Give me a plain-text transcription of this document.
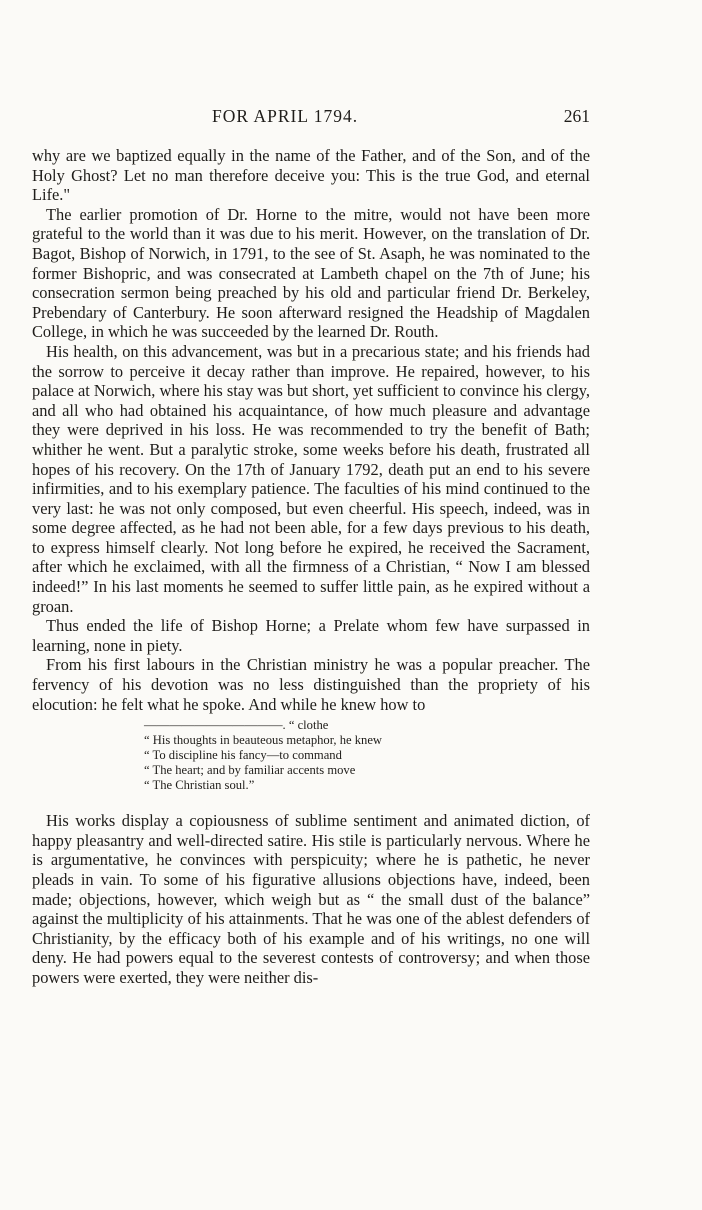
FOR APRIL 1794.	261

why are we baptized equally in the name of the Father, and of the Son, and of the Holy Ghost? Let no man therefore deceive you: This is the true God, and eternal Life."

The earlier promotion of Dr. Horne to the mitre, would not have been more grateful to the world than it was due to his merit. However, on the translation of Dr. Bagot, Bishop of Norwich, in 1791, to the see of St. Asaph, he was nominated to the former Bishopric, and was consecrated at Lambeth chapel on the 7th of June; his consecration sermon being preached by his old and particular friend Dr. Berkeley, Prebendary of Canterbury. He soon afterward resigned the Headship of Magdalen College, in which he was succeeded by the learned Dr. Routh.

His health, on this advancement, was but in a precarious state; and his friends had the sorrow to perceive it decay rather than improve. He repaired, however, to his palace at Norwich, where his stay was but short, yet sufficient to convince his clergy, and all who had obtained his acquaintance, of how much pleasure and advantage they were deprived in his loss. He was recommended to try the benefit of Bath; whither he went. But a paralytic stroke, some weeks before his death, frustrated all hopes of his recovery. On the 17th of January 1792, death put an end to his severe infirmities, and to his exemplary patience. The faculties of his mind continued to the very last: he was not only composed, but even cheerful. His speech, indeed, was in some degree affected, as he had not been able, for a few days previous to his death, to express himself clearly. Not long before he expired, he received the Sacrament, after which he exclaimed, with all the firmness of a Christian, “ Now I am blessed indeed!” In his last moments he seemed to suffer little pain, as he expired without a groan.

Thus ended the life of Bishop Horne; a Prelate whom few have surpassed in learning, none in piety.

From his first labours in the Christian ministry he was a popular preacher. The fervency of his devotion was no less distinguished than the propriety of his elocution: he felt what he spoke. And while he knew how to

———————————. “ clothe
“ His thoughts in beauteous metaphor, he knew
“ To discipline his fancy—to command
“ The heart; and by familiar accents move
“ The Christian soul.”

His works display a copiousness of sublime sentiment and animated diction, of happy pleasantry and well-directed satire. His stile is particularly nervous. Where he is argumentative, he convinces with perspicuity; where he is pathetic, he never pleads in vain. To some of his figurative allusions objections have, indeed, been made; objections, however, which weigh but as “ the small dust of the balance” against the multiplicity of his attainments. That he was one of the ablest defenders of Christianity, by the efficacy both of his example and of his writings, no one will deny. He had powers equal to the severest contests of controversy; and when those powers were exerted, they were neither dis-
